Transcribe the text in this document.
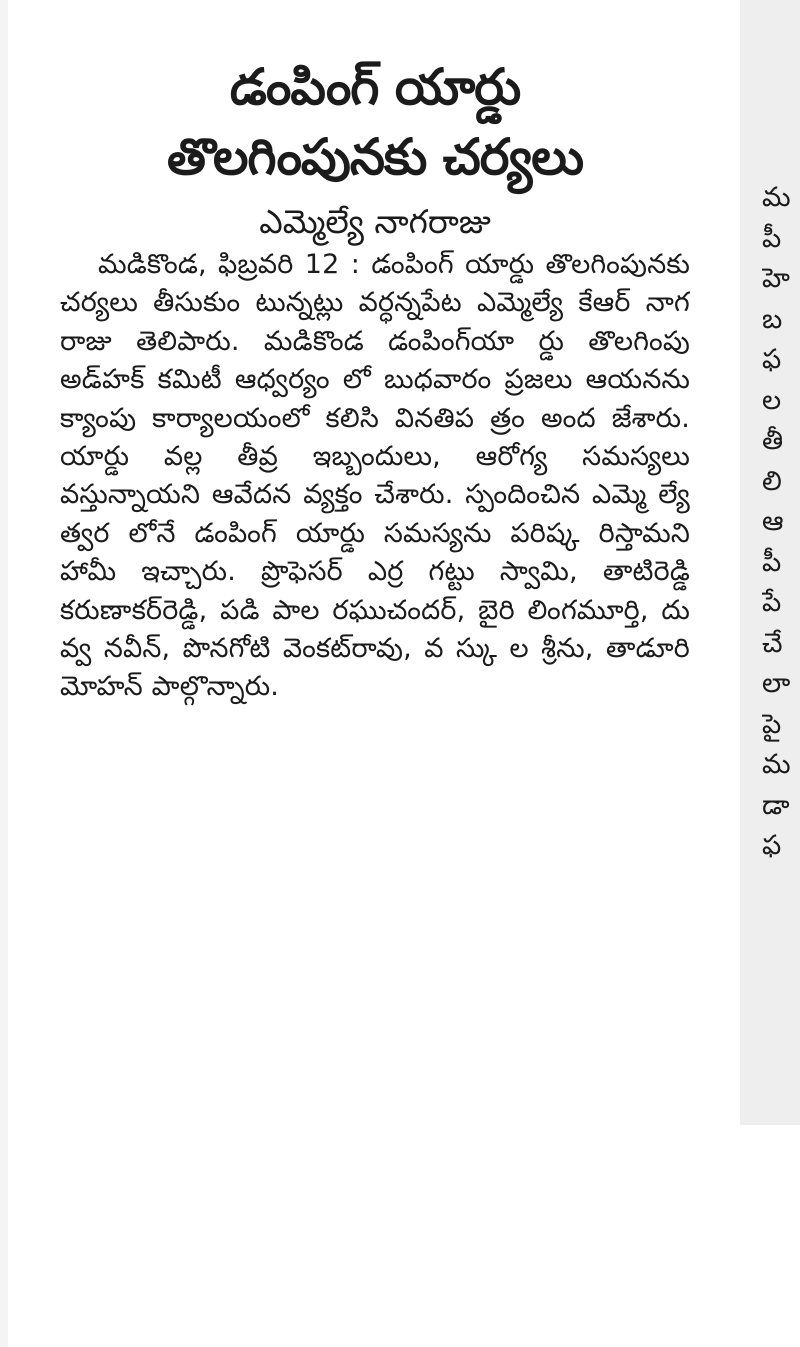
డంపింగ్ యార్డు
తొలగింపునకు చర్యలు
ఎమ్మెల్యే నాగరాజు

మడికొండ, ఫిబ్రవరి 12 : డంపింగ్ యార్డు తొలగింపునకు చర్యలు తీసుకుం టున్నట్లు వర్ధన్నపేట ఎమ్మెల్యే కేఆర్ నాగ రాజు తెలిపారు. మడికొండ డంపింగ్‌యా ర్డు తొలగింపు అడ్‌హక్ కమిటీ ఆధ్వర్యం లో బుధవారం ప్రజలు ఆయనను క్యాంపు కార్యాలయంలో కలిసి వినతిప త్రం అంద జేశారు. యార్డు వల్ల తీవ్ర ఇబ్బందులు, ఆరోగ్య సమస్యలు వస్తున్నాయని ఆవేదన వ్యక్తం చేశారు. స్పందించిన ఎమ్మె ల్యే త్వర లోనే డంపింగ్ యార్డు సమస్యను పరిష్క రిస్తామని హామీ ఇచ్చారు. ప్రొఫెసర్ ఎర్ర గట్టు స్వామి, తాటిరెడ్డి కరుణాకర్‌రెడ్డి, పడి పాల రఘుచందర్, బైరి లింగమూర్తి, దు వ్వ నవీన్, పొనగోటి వెంకట్‌రావు, వ స్కు ల శ్రీను, తాడూరి మోహన్ పాల్గొన్నారు.

మ
పీ
హె
బ
ఫ
ల
తీ
లి
ఆ
పీ
పే
చే
లా
పై
మ
డా
ఫ
